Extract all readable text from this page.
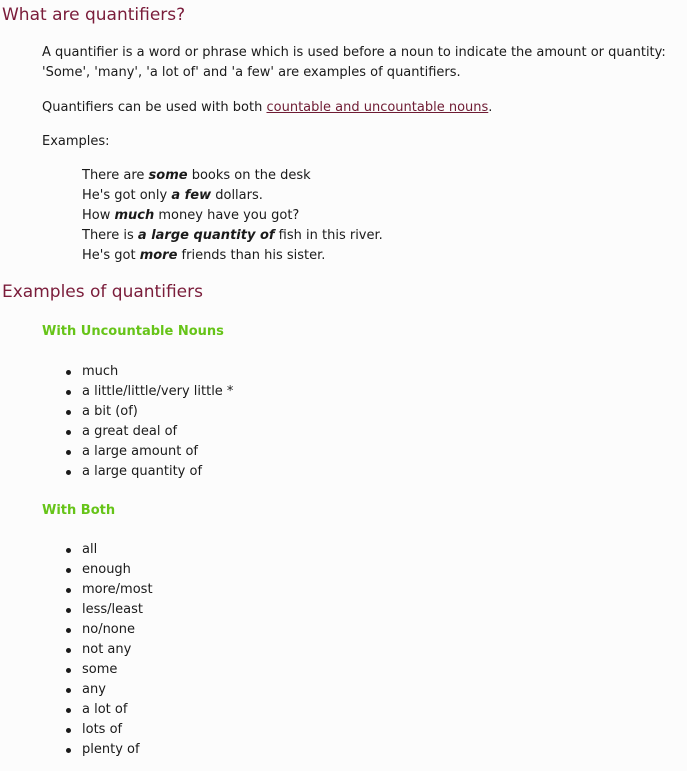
What are quantifiers?

A quantifier is a word or phrase which is used before a noun to indicate the amount or quantity:
'Some', 'many', 'a lot of' and 'a few' are examples of quantifiers.

Quantifiers can be used with both countable and uncountable nouns.

Examples:

There are some books on the desk
He's got only a few dollars.
How much money have you got?
There is a large quantity of fish in this river.
He's got more friends than his sister.
Examples of quantifiers
With Uncountable Nouns
much
a little/little/very little *
a bit (of)
a great deal of
a large amount of
a large quantity of
With Both
all
enough
more/most
less/least
no/none
not any
some
any
a lot of
lots of
plenty of
